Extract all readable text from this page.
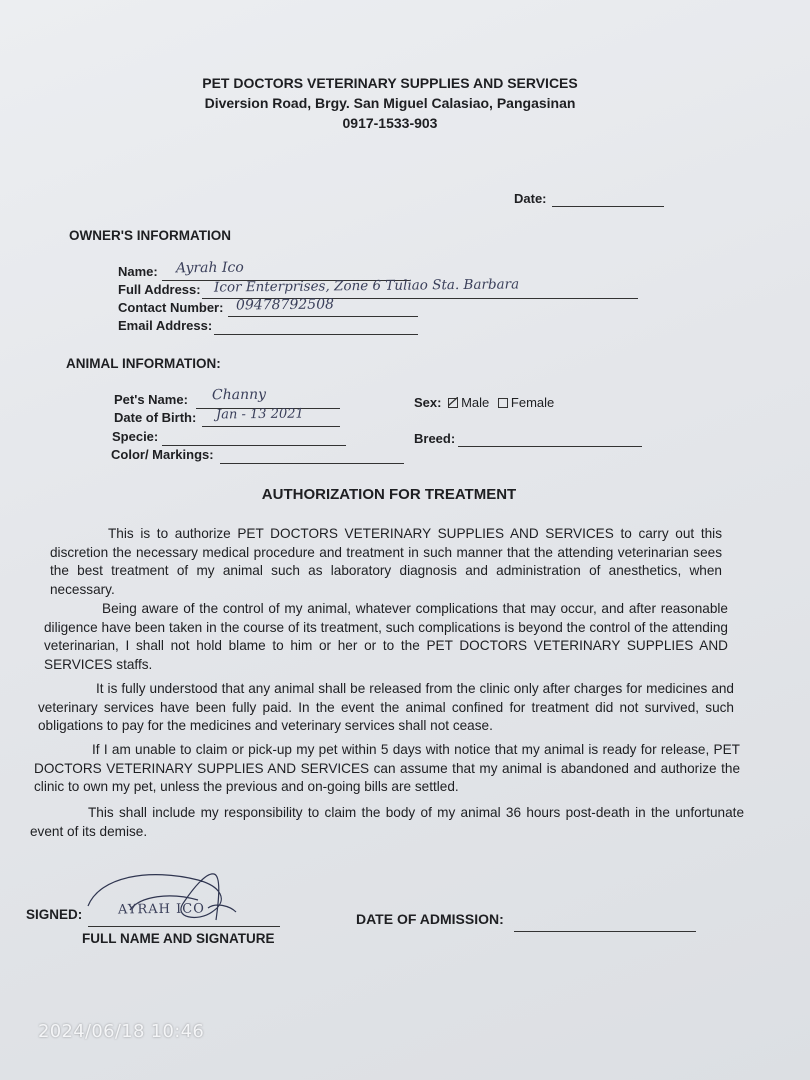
PET DOCTORS VETERINARY SUPPLIES AND SERVICES
Diversion Road, Brgy. San Miguel Calasiao, Pangasinan
0917-1533-903
Date:
OWNER'S INFORMATION
Name: Ayrah Ico
Full Address: Icor Enterprises, Zone 6 Tuliao Sta. Barbara
Contact Number: 09478792508
Email Address:
ANIMAL INFORMATION:
Pet's Name: Channy	Sex: Male Female
Date of Birth: Jan - 13 2021
Specie:	Breed:
Color/ Markings:
AUTHORIZATION FOR TREATMENT

This is to authorize PET DOCTORS VETERINARY SUPPLIES AND SERVICES to carry out this discretion the necessary medical procedure and treatment in such manner that the attending veterinarian sees the best treatment of my animal such as laboratory diagnosis and administration of anesthetics, when necessary.

Being aware of the control of my animal, whatever complications that may occur, and after reasonable diligence have been taken in the course of its treatment, such complications is beyond the control of the attending veterinarian, I shall not hold blame to him or her or to the PET DOCTORS VETERINARY SUPPLIES AND SERVICES staffs.

It is fully understood that any animal shall be released from the clinic only after charges for medicines and veterinary services have been fully paid. In the event the animal confined for treatment did not survived, such obligations to pay for the medicines and veterinary services shall not cease.

If I am unable to claim or pick-up my pet within 5 days with notice that my animal is ready for release, PET DOCTORS VETERINARY SUPPLIES AND SERVICES can assume that my animal is abandoned and authorize the clinic to own my pet, unless the previous and on-going bills are settled.

This shall include my responsibility to claim the body of my animal 36 hours post-death in the unfortunate event of its demise.

SIGNED:	AYRAH ICO
FULL NAME AND SIGNATURE
DATE OF ADMISSION:
2024/06/18 10:46
